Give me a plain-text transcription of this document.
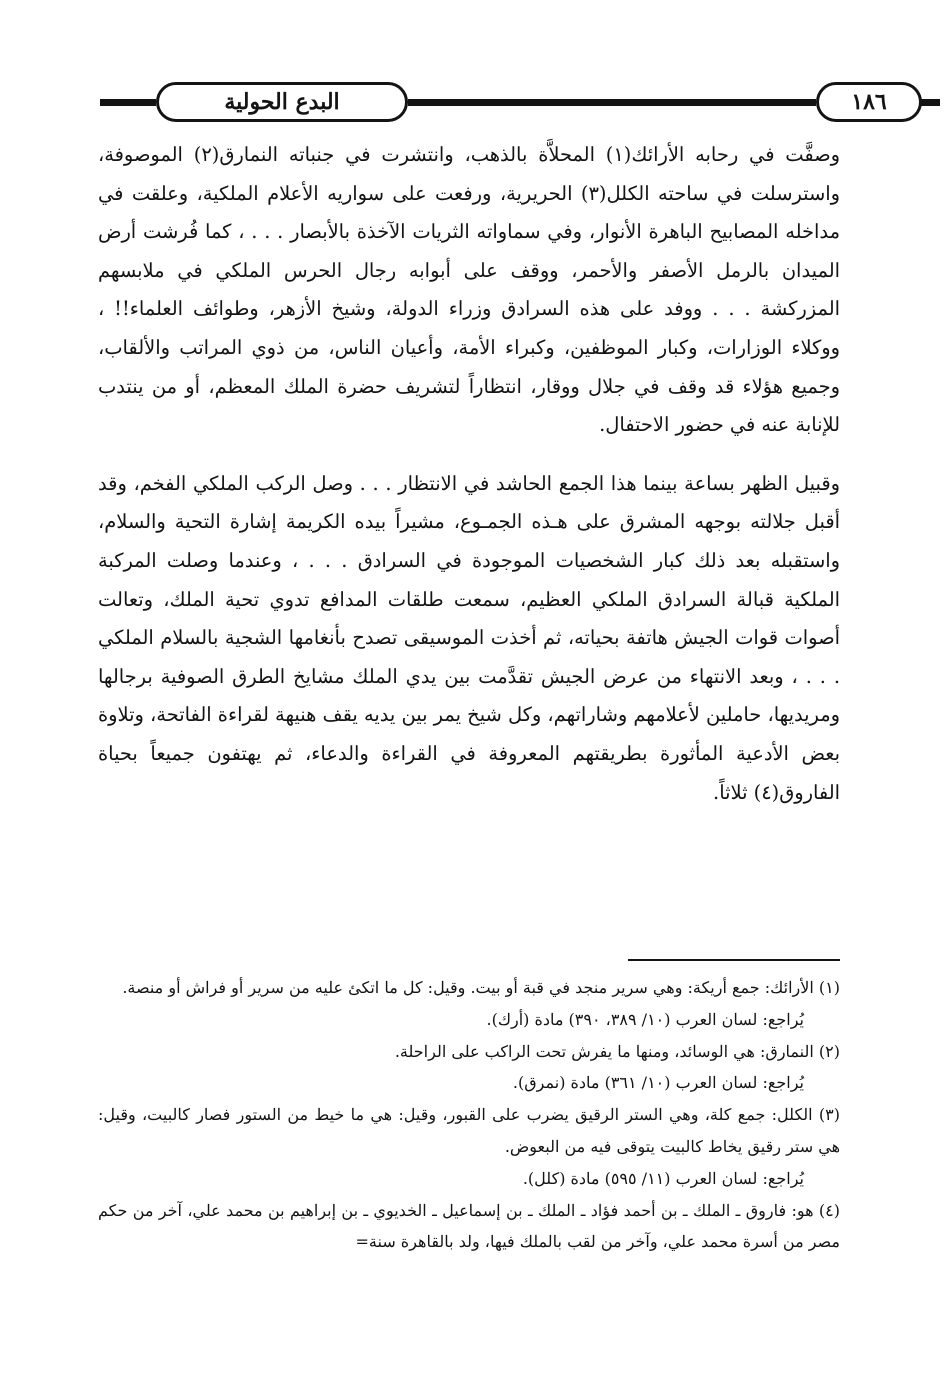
البدع الحولية	١٨٦

وصفَّت في رحابه الأرائك(١) المحلاَّة بالذهب، وانتشرت في جنباته النمارق(٢) الموصوفة، واسترسلت في ساحته الكلل(٣) الحريرية، ورفعت على سواريه الأعلام الملكية، وعلقت في مداخله المصابيح الباهرة الأنوار، وفي سماواته الثريات الآخذة بالأبصار . . . ، كما فُرشت أرض الميدان بالرمل الأصفر والأحمر، ووقف على أبوابه رجال الحرس الملكي في ملابسهم المزركشة . . . ووفد على هذه السرادق وزراء الدولة، وشيخ الأزهر، وطوائف العلماء!! ، ووكلاء الوزارات، وكبار الموظفين، وكبراء الأمة، وأعيان الناس، من ذوي المراتب والألقاب، وجميع هؤلاء قد وقف في جلال ووقار، انتظاراً لتشريف حضرة الملك المعظم، أو من ينتدب للإنابة عنه في حضور الاحتفال.

وقبيل الظهر بساعة بينما هذا الجمع الحاشد في الانتظار . . . وصل الركب الملكي الفخم، وقد أقبل جلالته بوجهه المشرق على هـذه الجمـوع، مشيراً بيده الكريمة إشارة التحية والسلام، واستقبله بعد ذلك كبار الشخصيات الموجودة في السرادق . . . ، وعندما وصلت المركبة الملكية قبالة السرادق الملكي العظيم، سمعت طلقات المدافع تدوي تحية الملك، وتعالت أصوات قوات الجيش هاتفة بحياته، ثم أخذت الموسيقى تصدح بأنغامها الشجية بالسلام الملكي . . . ، وبعد الانتهاء من عرض الجيش تقدَّمت بين يدي الملك مشايخ الطرق الصوفية برجالها ومريديها، حاملين لأعلامهم وشاراتهم، وكل شيخ يمر بين يديه يقف هنيهة لقراءة الفاتحة، وتلاوة بعض الأدعية المأثورة بطريقتهم المعروفة في القراءة والدعاء، ثم يهتفون جميعاً بحياة الفاروق(٤) ثلاثاً.

(١) الأرائك: جمع أريكة: وهي سرير منجد في قبة أو بيت. وقيل: كل ما اتكئ عليه من سرير أو فراش أو منصة.
يُراجع: لسان العرب (١٠/ ٣٨٩، ٣٩٠) مادة (أرك).
(٢) النمارق: هي الوسائد، ومنها ما يفرش تحت الراكب على الراحلة.
يُراجع: لسان العرب (١٠/ ٣٦١) مادة (نمرق).
(٣) الكلل: جمع كلة، وهي الستر الرقيق يضرب على القبور، وقيل: هي ما خيط من الستور فصار كالبيت، وقيل: هي ستر رقيق يخاط كالبيت يتوقى فيه من البعوض.
يُراجع: لسان العرب (١١/ ٥٩٥) مادة (كلل).
(٤) هو: فاروق ـ الملك ـ بن أحمد فؤاد ـ الملك ـ بن إسماعيل ـ الخديوي ـ بن إبراهيم بن محمد علي، آخر من حكم مصر من أسرة محمد علي، وآخر من لقب بالملك فيها، ولد بالقاهرة سنة=
